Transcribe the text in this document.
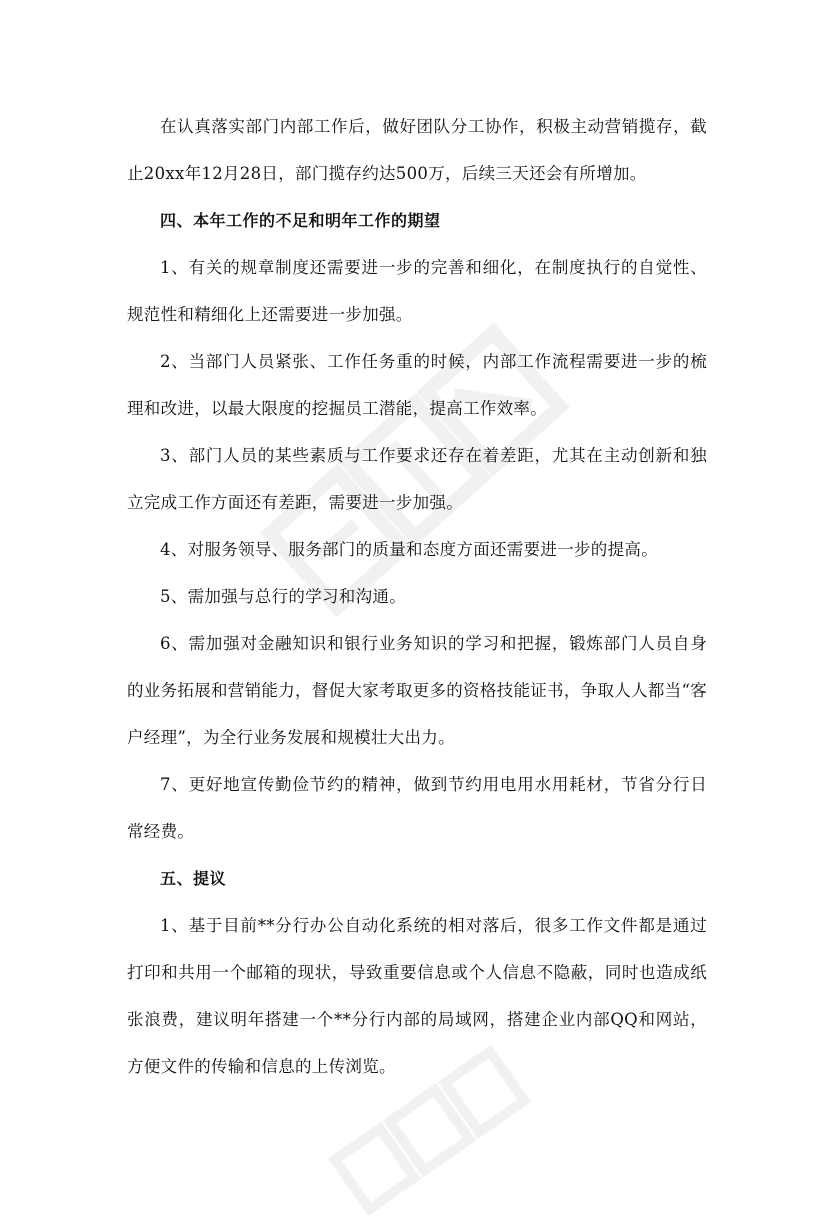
在认真落实部门内部工作后，做好团队分工协作，积极主动营销揽存，截止20xx年12月28日，部门揽存约达500万，后续三天还会有所增加。

四、本年工作的不足和明年工作的期望

1、有关的规章制度还需要进一步的完善和细化，在制度执行的自觉性、规范性和精细化上还需要进一步加强。

2、当部门人员紧张、工作任务重的时候，内部工作流程需要进一步的梳理和改进，以最大限度的挖掘员工潜能，提高工作效率。

3、部门人员的某些素质与工作要求还存在着差距，尤其在主动创新和独立完成工作方面还有差距，需要进一步加强。

4、对服务领导、服务部门的质量和态度方面还需要进一步的提高。

5、需加强与总行的学习和沟通。

6、需加强对金融知识和银行业务知识的学习和把握，锻炼部门人员自身的业务拓展和营销能力，督促大家考取更多的资格技能证书，争取人人都当“客户经理”，为全行业务发展和规模壮大出力。

7、更好地宣传勤俭节约的精神，做到节约用电用水用耗材，节省分行日常经费。

五、提议

1、基于目前**分行办公自动化系统的相对落后，很多工作文件都是通过打印和共用一个邮箱的现状，导致重要信息或个人信息不隐蔽，同时也造成纸张浪费，建议明年搭建一个**分行内部的局域网，搭建企业内部QQ和网站，方便文件的传输和信息的上传浏览。
